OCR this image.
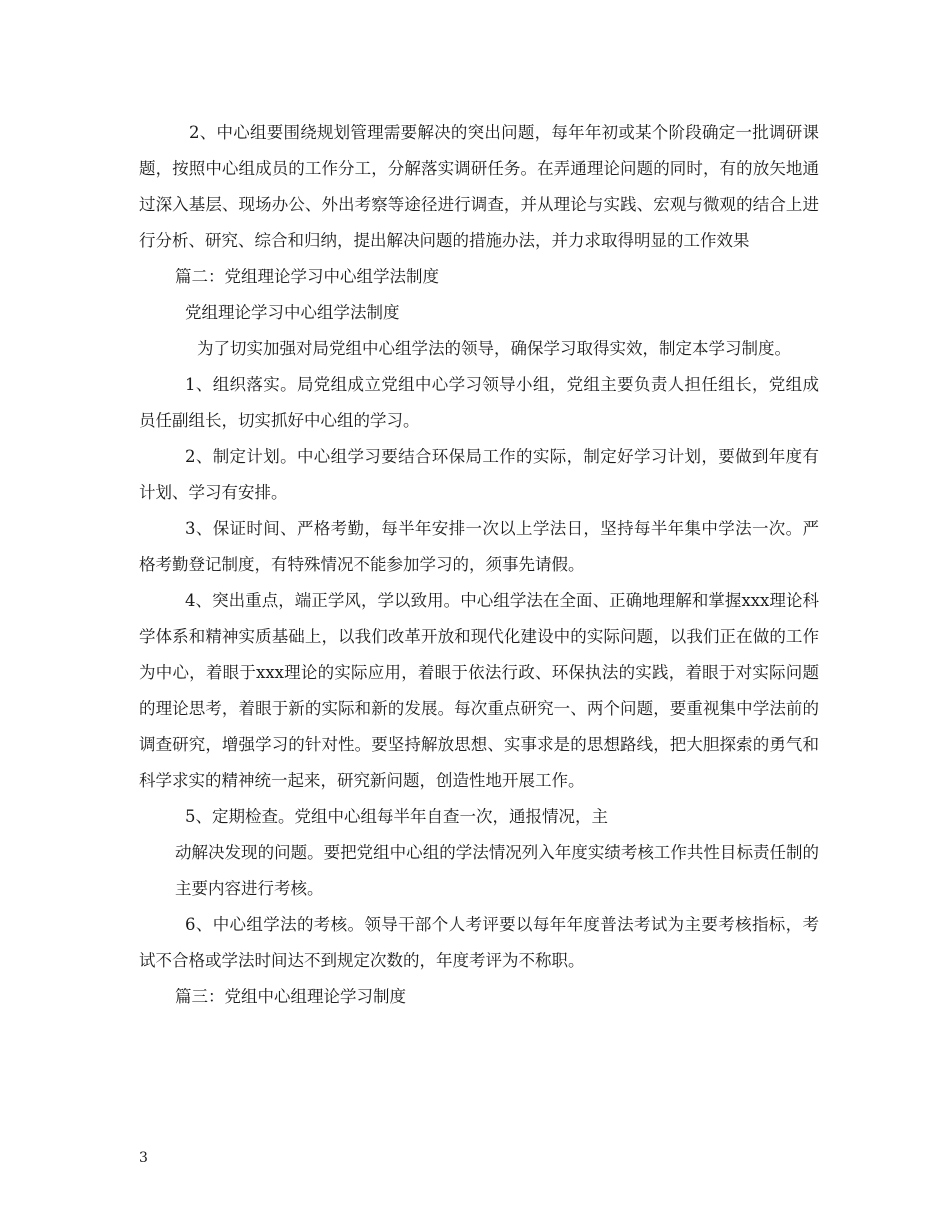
2、中心组要围绕规划管理需要解决的突出问题，每年年初或某个阶段确定一批调研课题，按照中心组成员的工作分工，分解落实调研任务。在弄通理论问题的同时，有的放矢地通过深入基层、现场办公、外出考察等途径进行调查，并从理论与实践、宏观与微观的结合上进行分析、研究、综合和归纳，提出解决问题的措施办法，并力求取得明显的工作效果

篇二：党组理论学习中心组学法制度

党组理论学习中心组学法制度

为了切实加强对局党组中心组学法的领导，确保学习取得实效，制定本学习制度。

1、组织落实。局党组成立党组中心学习领导小组，党组主要负责人担任组长，党组成员任副组长，切实抓好中心组的学习。

2、制定计划。中心组学习要结合环保局工作的实际，制定好学习计划，要做到年度有计划、学习有安排。

3、保证时间、严格考勤，每半年安排一次以上学法日，坚持每半年集中学法一次。严格考勤登记制度，有特殊情况不能参加学习的，须事先请假。

4、突出重点，端正学风，学以致用。中心组学法在全面、正确地理解和掌握xxx理论科学体系和精神实质基础上，以我们改革开放和现代化建设中的实际问题，以我们正在做的工作为中心，着眼于xxx理论的实际应用，着眼于依法行政、环保执法的实践，着眼于对实际问题的理论思考，着眼于新的实际和新的发展。每次重点研究一、两个问题，要重视集中学法前的调查研究，增强学习的针对性。要坚持解放思想、实事求是的思想路线，把大胆探索的勇气和科学求实的精神统一起来，研究新问题，创造性地开展工作。

5、定期检查。党组中心组每半年自查一次，通报情况，主

动解决发现的问题。要把党组中心组的学法情况列入年度实绩考核工作共性目标责任制的主要内容进行考核。

6、中心组学法的考核。领导干部个人考评要以每年年度普法考试为主要考核指标，考试不合格或学法时间达不到规定次数的，年度考评为不称职。

篇三：党组中心组理论学习制度

3
